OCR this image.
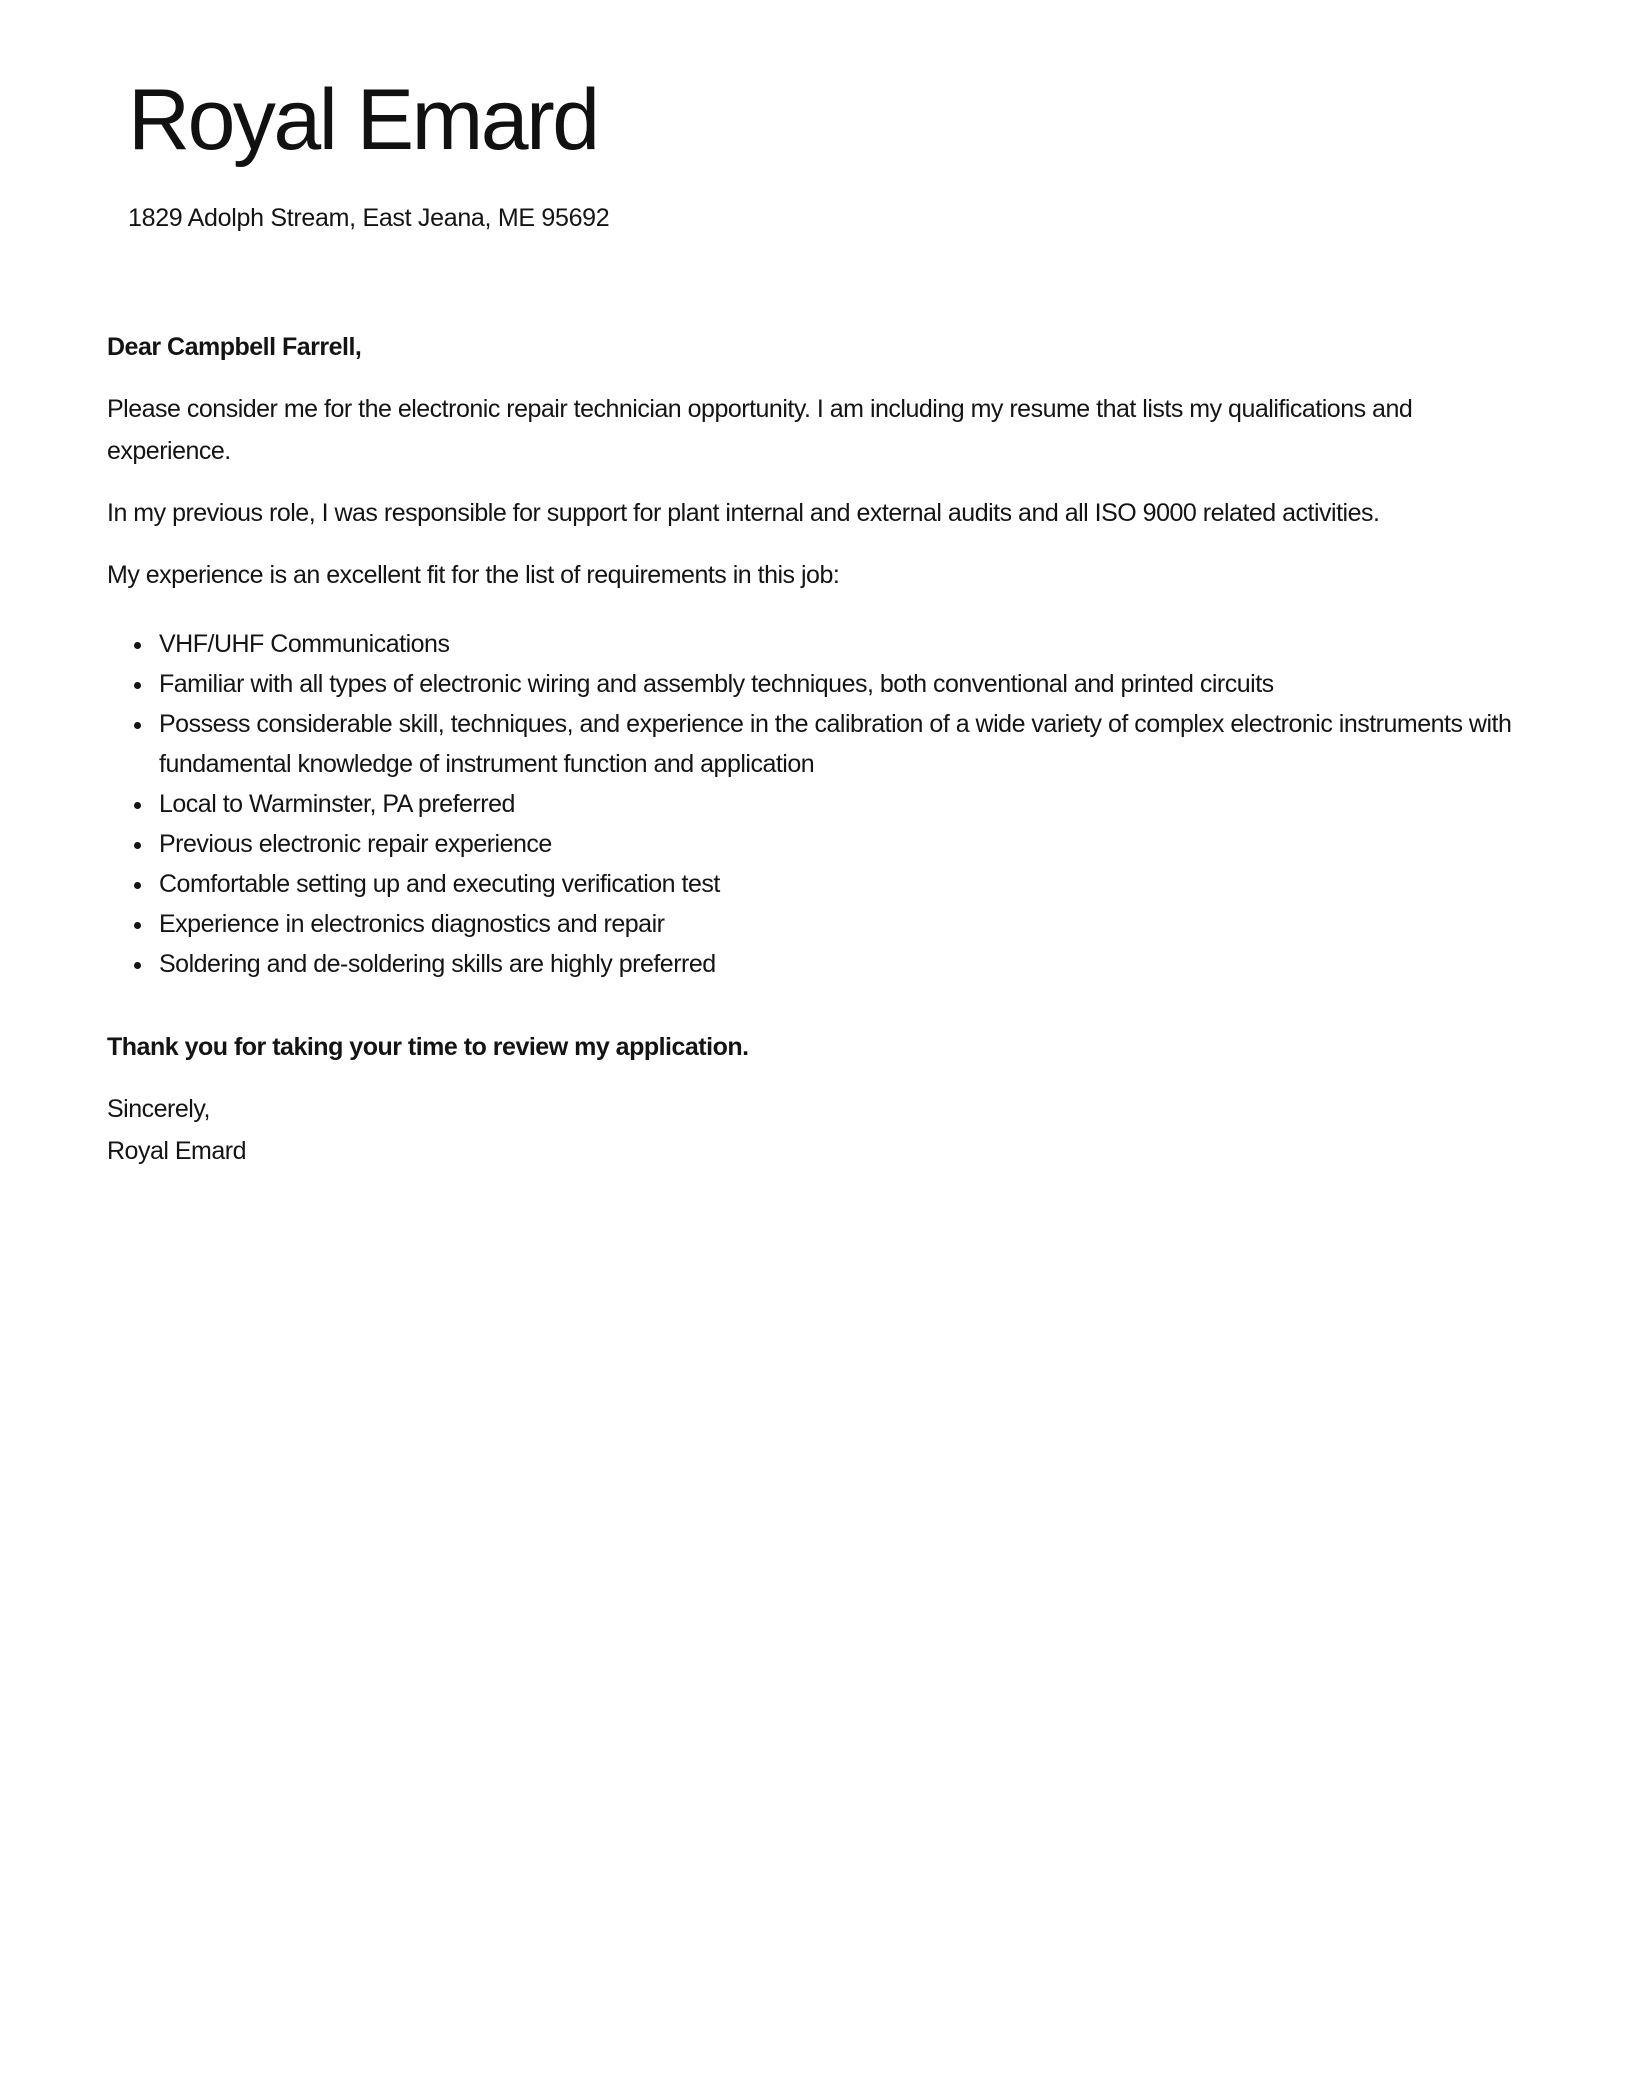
Royal Emard
1829 Adolph Stream, East Jeana, ME 95692

Dear Campbell Farrell,

Please consider me for the electronic repair technician opportunity. I am including my resume that lists my qualifications and experience.

In my previous role, I was responsible for support for plant internal and external audits and all ISO 9000 related activities.

My experience is an excellent fit for the list of requirements in this job:

• VHF/UHF Communications
• Familiar with all types of electronic wiring and assembly techniques, both conventional and printed circuits
• Possess considerable skill, techniques, and experience in the calibration of a wide variety of complex electronic instruments with fundamental knowledge of instrument function and application
• Local to Warminster, PA preferred
• Previous electronic repair experience
• Comfortable setting up and executing verification test
• Experience in electronics diagnostics and repair
• Soldering and de-soldering skills are highly preferred

Thank you for taking your time to review my application.

Sincerely,
Royal Emard
